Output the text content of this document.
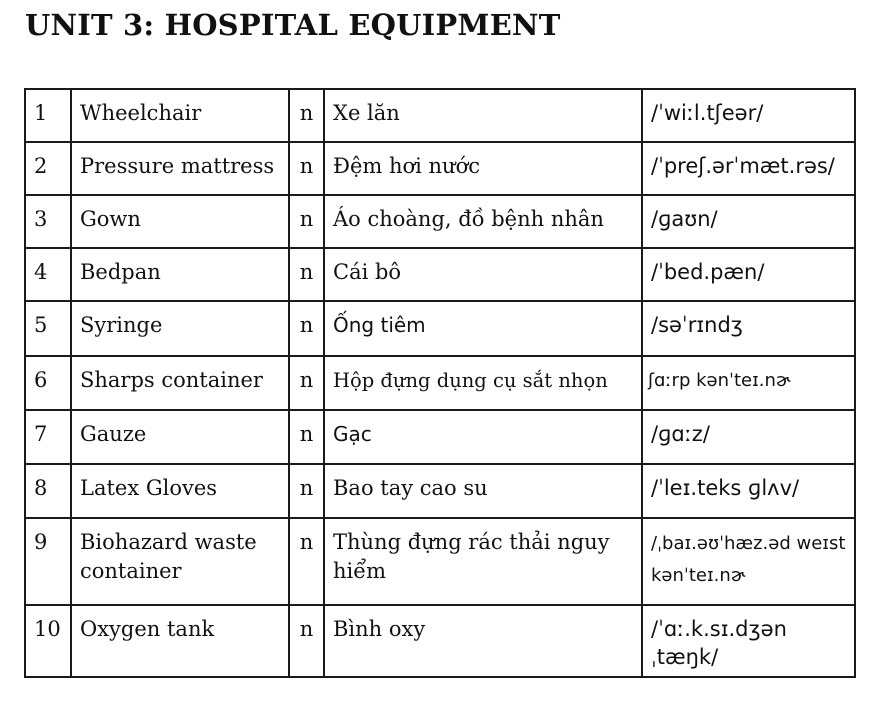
UNIT 3: HOSPITAL EQUIPMENT
1	Wheelchair	n	Xe lăn	/ˈwiːl.tʃeər/
2	Pressure mattress	n	Đệm hơi nước	/ˈpreʃ.ərˈmæt.rəs/
3	Gown	n	Áo choàng, đồ bệnh nhân	/ɡaʊn/
4	Bedpan	n	Cái bô	/ˈbed.pæn/
5	Syringe	n	Ống tiêm	/səˈrɪndʒ
6	Sharps container	n	Hộp đựng dụng cụ sắt nhọn	ʃɑːrp kənˈteɪ.nɚ
7	Gauze	n	Gạc	/ɡɑːz/
8	Latex Gloves	n	Bao tay cao su	/ˈleɪ.teks ɡlʌv/
9	Biohazard waste container	n	Thùng đựng rác thải nguy hiểm	/ˌbaɪ.əʊˈhæz.əd weɪst kənˈteɪ.nɚ
10	Oxygen tank	n	Bình oxy	/ˈɑː.k.sɪ.dʒən ˌtæŋk/
